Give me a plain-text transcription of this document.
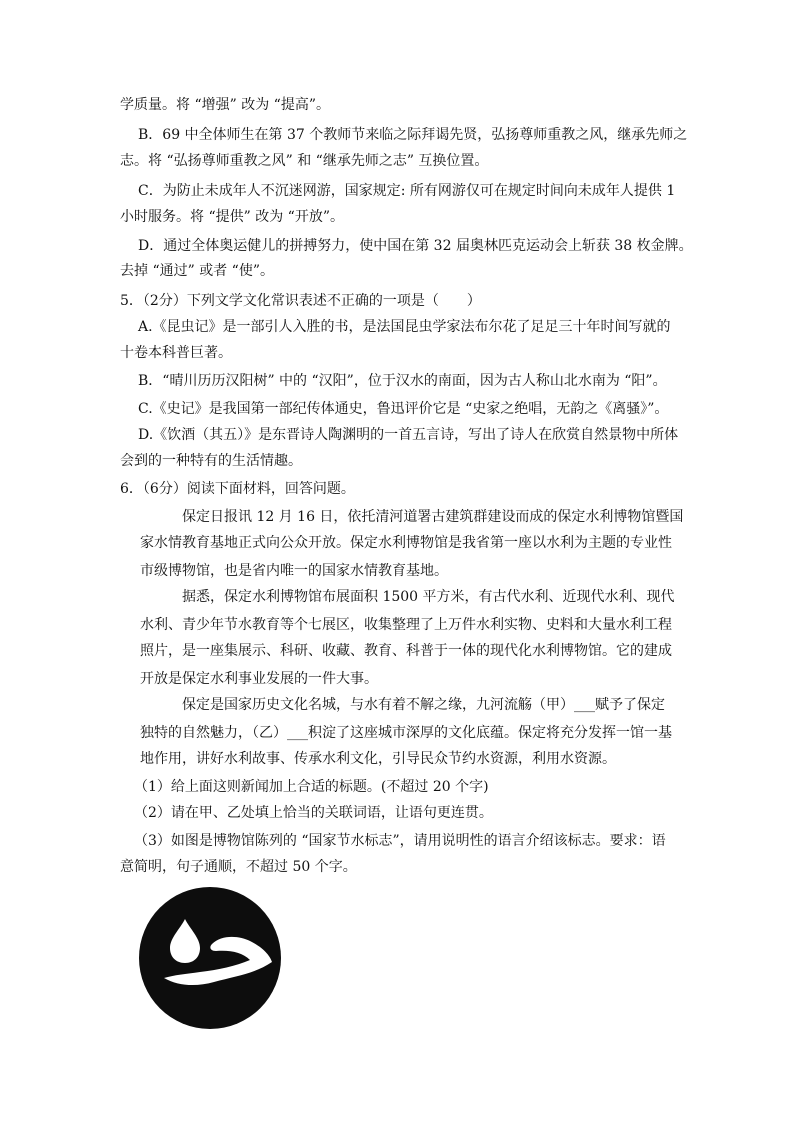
学质量。将 “增强” 改为 “提高”。
B．69 中全体师生在第 37 个教师节来临之际拜谒先贤，弘扬尊师重教之风，继承先师之
志。将 “弘扬尊师重教之风” 和 “继承先师之志” 互换位置。
C．为防止未成年人不沉迷网游，国家规定: 所有网游仅可在规定时间向未成年人提供 1
小时服务。将 “提供” 改为 “开放”。
D．通过全体奥运健儿的拼搏努力，使中国在第 32 届奥林匹克运动会上斩获 38 枚金牌。
去掉 “通过” 或者 “使”。
5．（2分）下列文学文化常识表述不正确的一项是（　　）
A.《昆虫记》是一部引人入胜的书，是法国昆虫学家法布尔花了足足三十年时间写就的
十卷本科普巨著。
B．“晴川历历汉阳树” 中的 “汉阳”，位于汉水的南面，因为古人称山北水南为 “阳”。
C.《史记》是我国第一部纪传体通史，鲁迅评价它是 “史家之绝唱，无韵之《离骚》”。
D.《饮酒（其五）》是东晋诗人陶渊明的一首五言诗，写出了诗人在欣赏自然景物中所体
会到的一种特有的生活情趣。
6．（6分）阅读下面材料，回答问题。
保定日报讯 12 月 16 日，依托清河道署古建筑群建设而成的保定水利博物馆暨国
家水情教育基地正式向公众开放。保定水利博物馆是我省第一座以水利为主题的专业性
市级博物馆，也是省内唯一的国家水情教育基地。
据悉，保定水利博物馆布展面积 1500 平方米，有古代水利、近现代水利、现代
水利、青少年节水教育等个七展区，收集整理了上万件水利实物、史料和大量水利工程
照片，是一座集展示、科研、收藏、教育、科普于一体的现代化水利博物馆。它的建成
开放是保定水利事业发展的一件大事。
保定是国家历史文化名城，与水有着不解之缘，九河流觞（甲）___赋予了保定
独特的自然魅力，（乙）___积淀了这座城市深厚的文化底蕴。保定将充分发挥一馆一基
地作用，讲好水利故事、传承水利文化，引导民众节约水资源，利用水资源。
（1）给上面这则新闻加上合适的标题。(不超过 20 个字)
（2）请在甲、乙处填上恰当的关联词语，让语句更连贯。
（3）如图是博物馆陈列的 “国家节水标志”，请用说明性的语言介绍该标志。要求：语
意简明，句子通顺，不超过 50 个字。
